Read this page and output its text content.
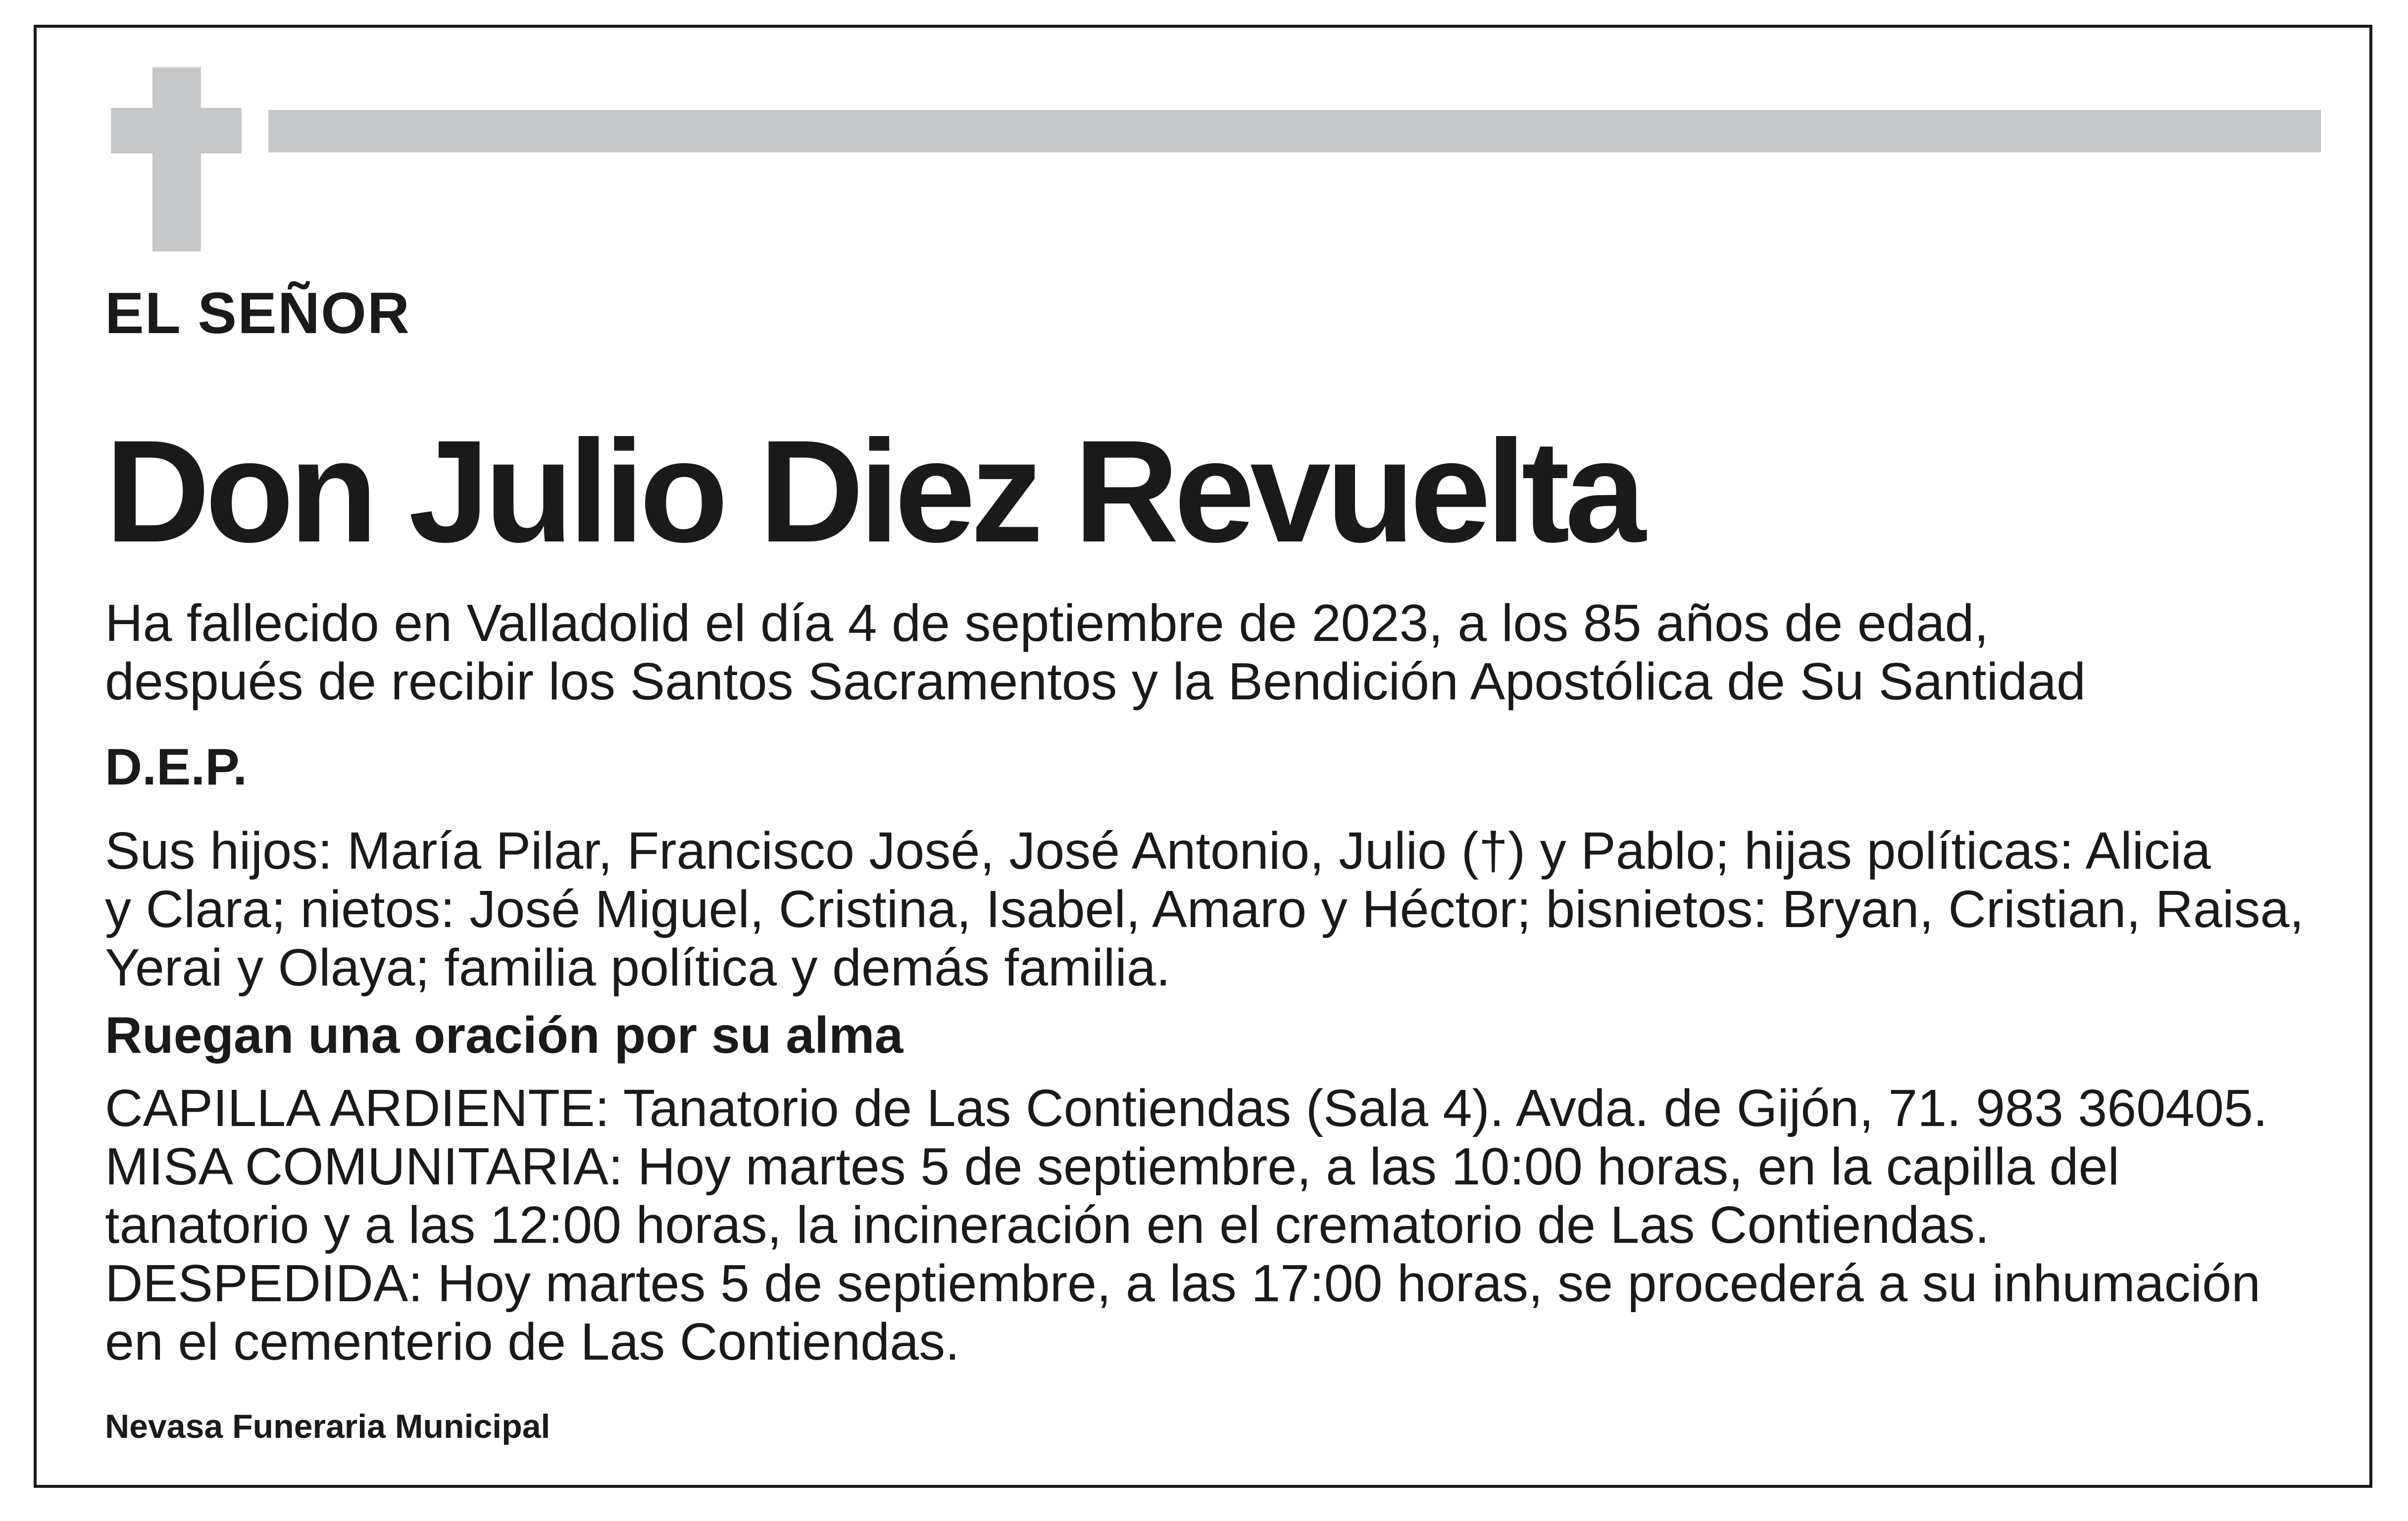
EL SEÑOR
Don Julio Diez Revuelta
Ha fallecido en Valladolid el día 4 de septiembre de 2023, a los 85 años de edad,
después de recibir los Santos Sacramentos y la Bendición Apostólica de Su Santidad
D.E.P.
Sus hijos: María Pilar, Francisco José, José Antonio, Julio (†) y Pablo; hijas políticas: Alicia
y Clara; nietos: José Miguel, Cristina, Isabel, Amaro y Héctor; bisnietos: Bryan, Cristian, Raisa,
Yerai y Olaya; familia política y demás familia.
Ruegan una oración por su alma
CAPILLA ARDIENTE: Tanatorio de Las Contiendas (Sala 4). Avda. de Gijón, 71. 983 360405.
MISA COMUNITARIA: Hoy martes 5 de septiembre, a las 10:00 horas, en la capilla del
tanatorio y a las 12:00 horas, la incineración en el crematorio de Las Contiendas.
DESPEDIDA: Hoy martes 5 de septiembre, a las 17:00 horas, se procederá a su inhumación
en el cementerio de Las Contiendas.
Nevasa Funeraria Municipal
